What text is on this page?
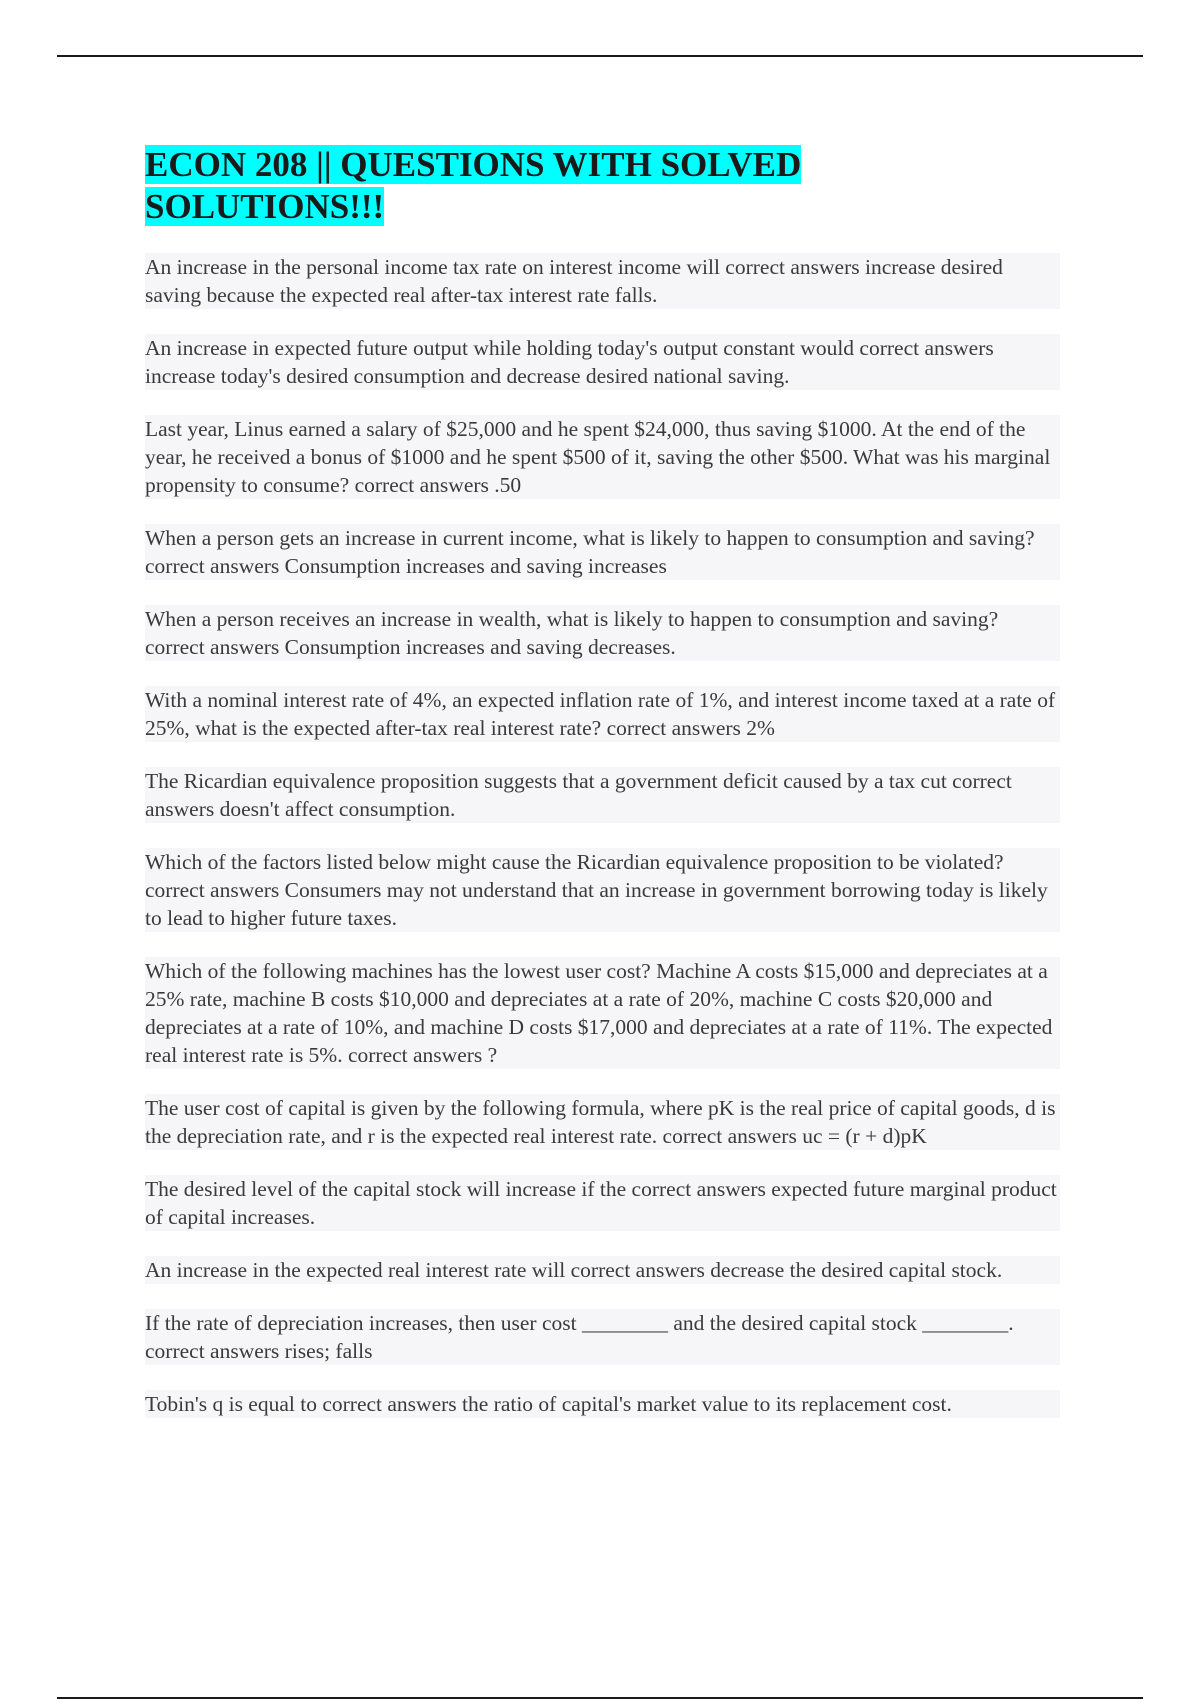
ECON 208 || QUESTIONS WITH SOLVED SOLUTIONS!!!

An increase in the personal income tax rate on interest income will correct answers increase desired saving because the expected real after-tax interest rate falls.

An increase in expected future output while holding today's output constant would correct answers increase today's desired consumption and decrease desired national saving.

Last year, Linus earned a salary of $25,000 and he spent $24,000, thus saving $1000. At the end of the year, he received a bonus of $1000 and he spent $500 of it, saving the other $500. What was his marginal propensity to consume? correct answers .50

When a person gets an increase in current income, what is likely to happen to consumption and saving? correct answers Consumption increases and saving increases

When a person receives an increase in wealth, what is likely to happen to consumption and saving? correct answers Consumption increases and saving decreases.

With a nominal interest rate of 4%, an expected inflation rate of 1%, and interest income taxed at a rate of 25%, what is the expected after-tax real interest rate? correct answers 2%

The Ricardian equivalence proposition suggests that a government deficit caused by a tax cut correct answers doesn't affect consumption.

Which of the factors listed below might cause the Ricardian equivalence proposition to be violated? correct answers Consumers may not understand that an increase in government borrowing today is likely to lead to higher future taxes.

Which of the following machines has the lowest user cost? Machine A costs $15,000 and depreciates at a 25% rate, machine B costs $10,000 and depreciates at a rate of 20%, machine C costs $20,000 and depreciates at a rate of 10%, and machine D costs $17,000 and depreciates at a rate of 11%. The expected real interest rate is 5%. correct answers ?

The user cost of capital is given by the following formula, where pK is the real price of capital goods, d is the depreciation rate, and r is the expected real interest rate. correct answers uc = (r + d)pK

The desired level of the capital stock will increase if the correct answers expected future marginal product of capital increases.

An increase in the expected real interest rate will correct answers decrease the desired capital stock.

If the rate of depreciation increases, then user cost ________ and the desired capital stock ________. correct answers rises; falls

Tobin's q is equal to correct answers the ratio of capital's market value to its replacement cost.
